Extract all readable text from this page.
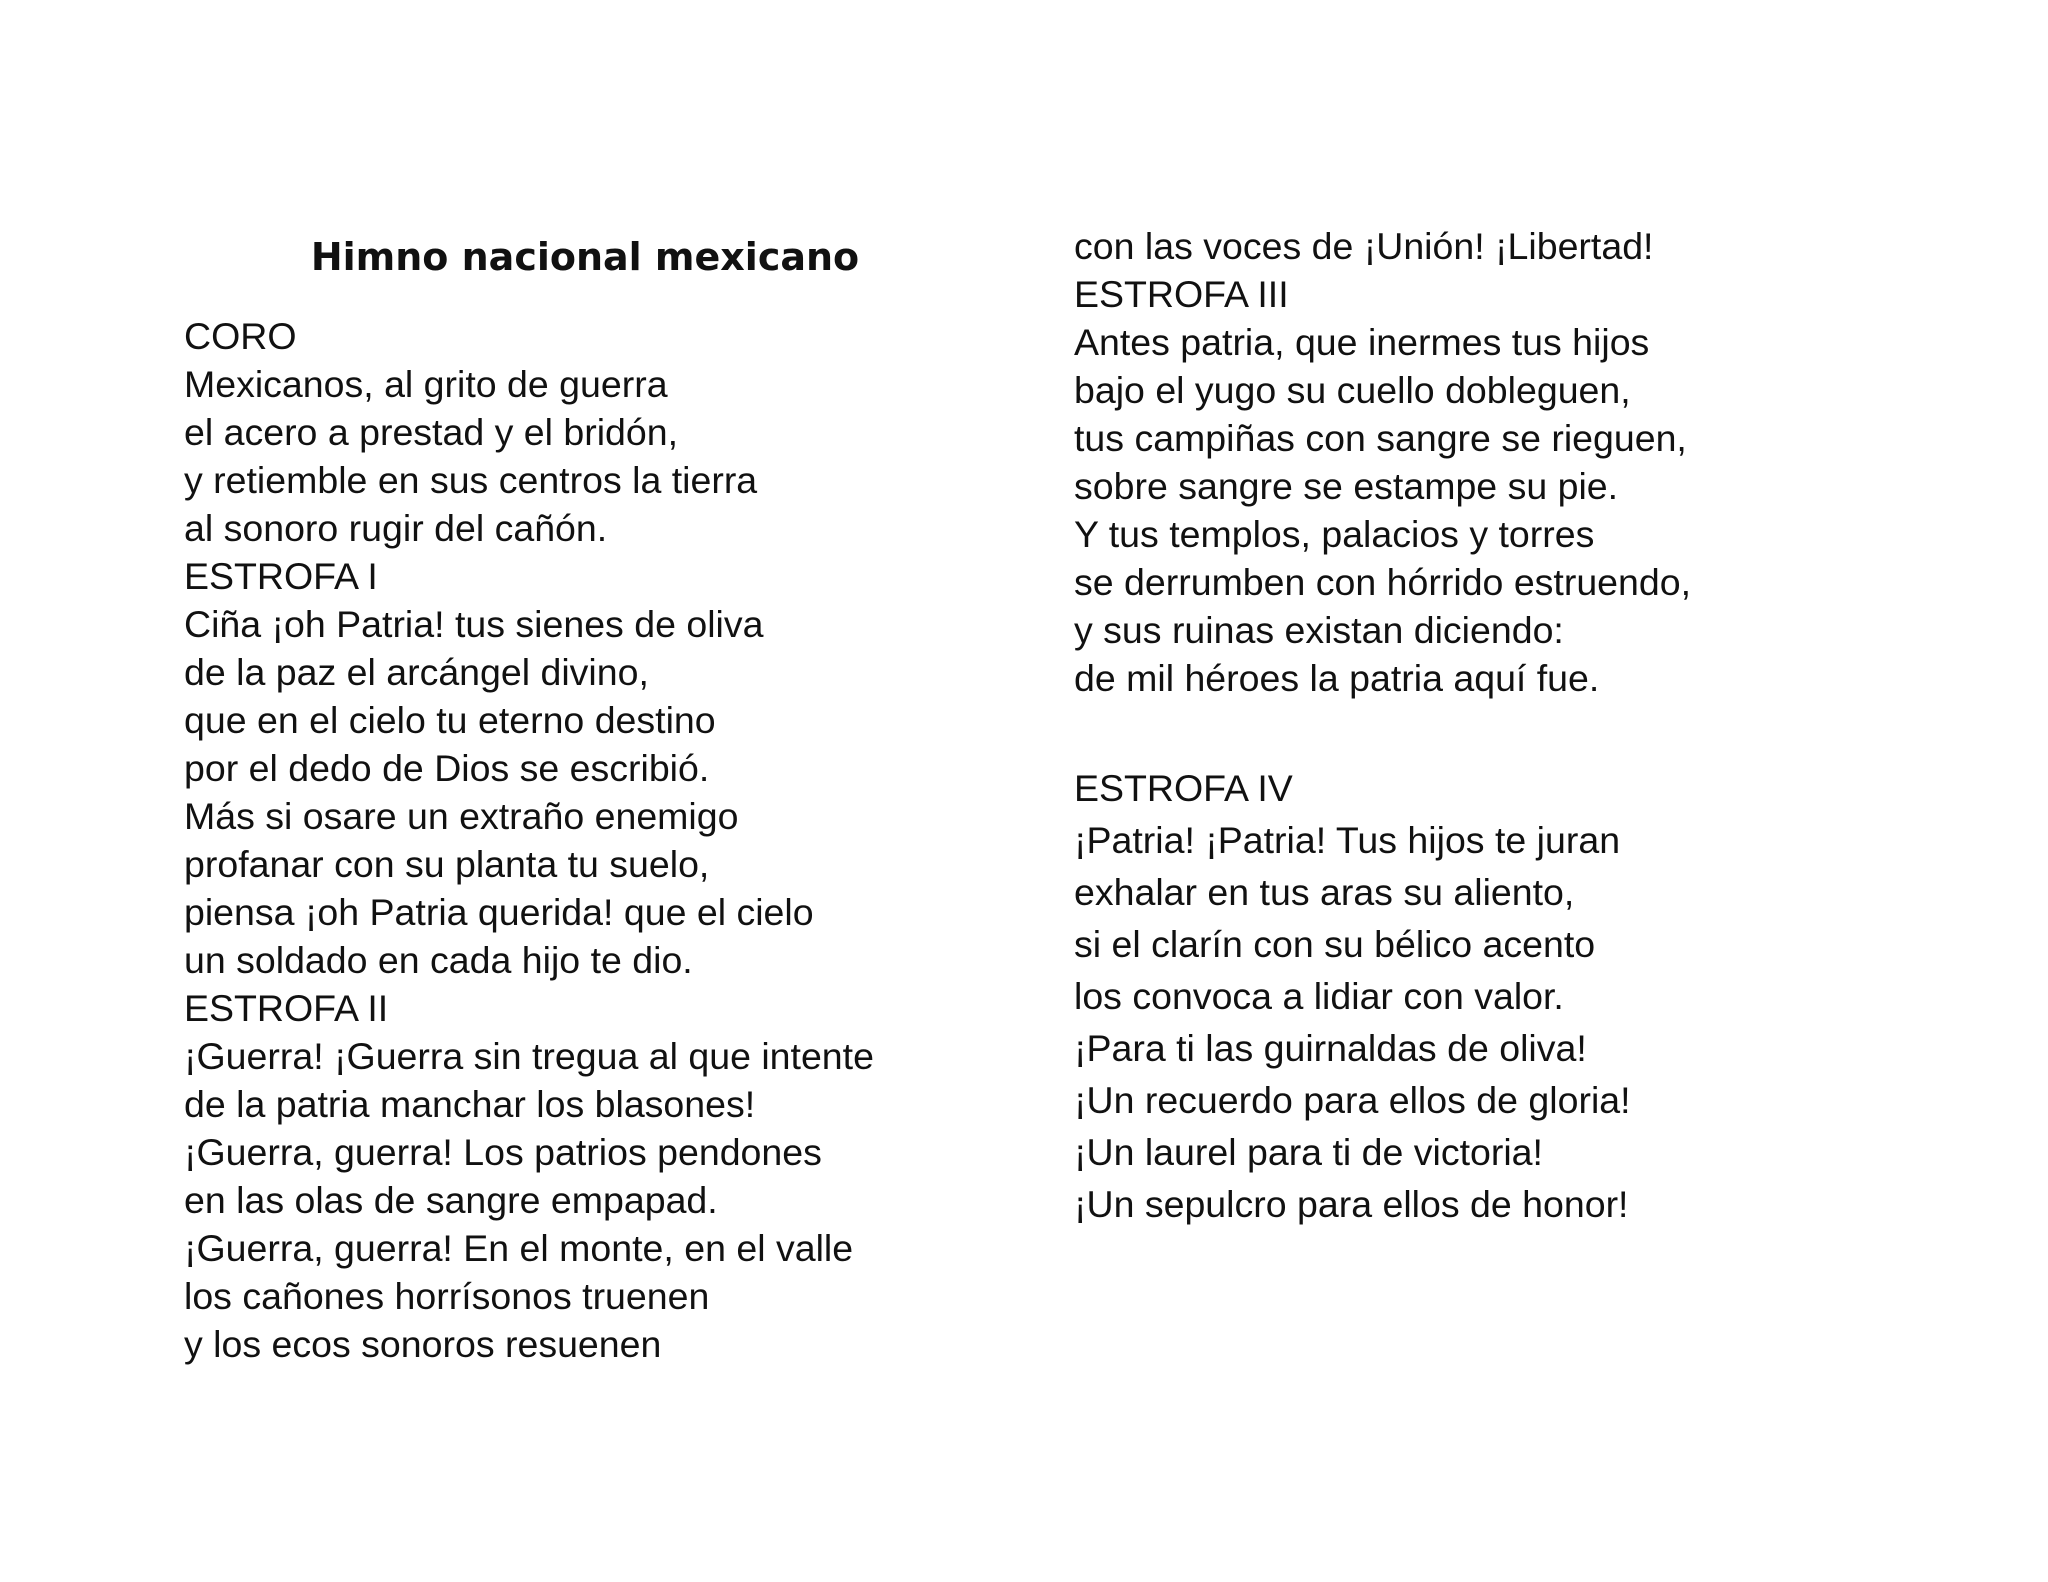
Himno nacional mexicano
CORO
Mexicanos, al grito de guerra
el acero a prestad y el bridón,
y retiemble en sus centros la tierra
al sonoro rugir del cañón.
ESTROFA I
Ciña ¡oh Patria! tus sienes de oliva
de la paz el arcángel divino,
que en el cielo tu eterno destino
por el dedo de Dios se escribió.
Más si osare un extraño enemigo
profanar con su planta tu suelo,
piensa ¡oh Patria querida! que el cielo
un soldado en cada hijo te dio.
ESTROFA II
¡Guerra! ¡Guerra sin tregua al que intente
de la patria manchar los blasones!
¡Guerra, guerra! Los patrios pendones
en las olas de sangre empapad.
¡Guerra, guerra! En el monte, en el valle
los cañones horrísonos truenen
y los ecos sonoros resuenen
con las voces de ¡Unión! ¡Libertad!
ESTROFA III
Antes patria, que inermes tus hijos
bajo el yugo su cuello dobleguen,
tus campiñas con sangre se rieguen,
sobre sangre se estampe su pie.
Y tus templos, palacios y torres
se derrumben con hórrido estruendo,
y sus ruinas existan diciendo:
de mil héroes la patria aquí fue.
ESTROFA IV
¡Patria! ¡Patria! Tus hijos te juran
exhalar en tus aras su aliento,
si el clarín con su bélico acento
los convoca a lidiar con valor.
¡Para ti las guirnaldas de oliva!
¡Un recuerdo para ellos de gloria!
¡Un laurel para ti de victoria!
¡Un sepulcro para ellos de honor!
